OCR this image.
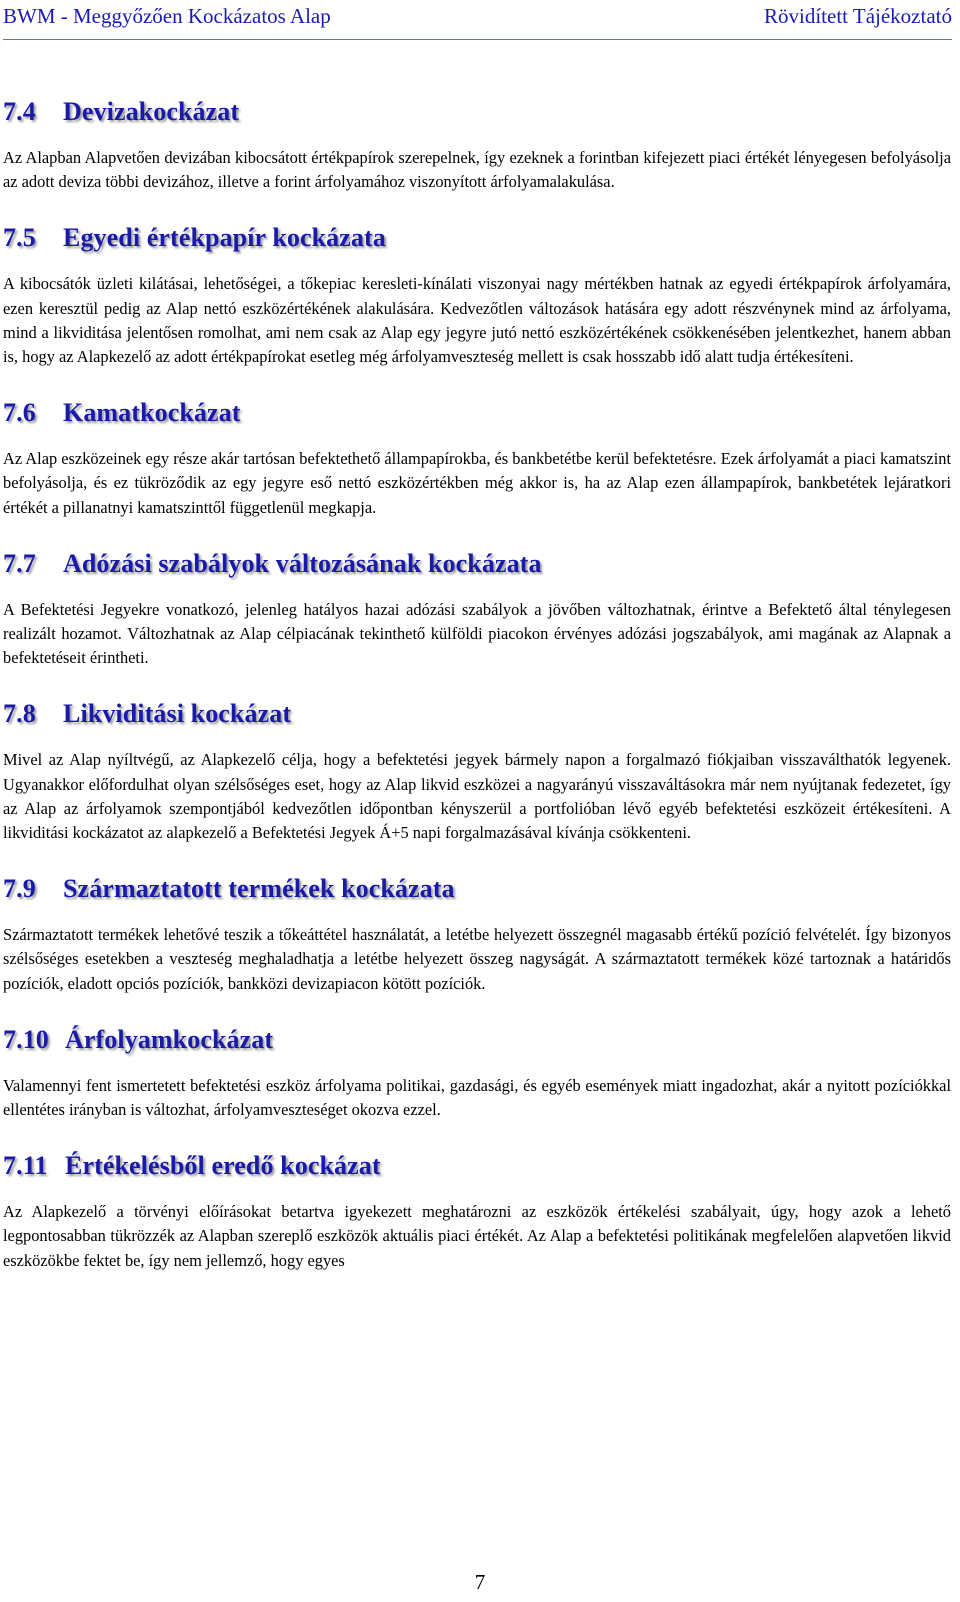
BWM - Meggyőzően Kockázatos Alap	Rövidített Tájékoztató
7.4	Devizakockázat

Az Alapban Alapvetően devizában kibocsátott értékpapírok szerepelnek, így ezeknek a forintban kifejezett piaci értékét lényegesen befolyásolja az adott deviza többi devizához, illetve a forint árfolyamához viszonyított árfolyamalakulása.

7.5	Egyedi értékpapír kockázata

A kibocsátók üzleti kilátásai, lehetőségei, a tőkepiac keresleti-kínálati viszonyai nagy mértékben hatnak az egyedi értékpapírok árfolyamára, ezen keresztül pedig az Alap nettó eszközértékének alakulására. Kedvezőtlen változások hatására egy adott részvénynek mind az árfolyama, mind a likviditása jelentősen romolhat, ami nem csak az Alap egy jegyre jutó nettó eszközértékének csökkenésében jelentkezhet, hanem abban is, hogy az Alapkezelő az adott értékpapírokat esetleg még árfolyamveszteség mellett is csak hosszabb idő alatt tudja értékesíteni.

7.6	Kamatkockázat

Az Alap eszközeinek egy része akár tartósan befektethető állampapírokba, és bankbetétbe kerül befektetésre. Ezek árfolyamát a piaci kamatszint befolyásolja, és ez tükröződik az egy jegyre eső nettó eszközértékben még akkor is, ha az Alap ezen állampapírok, bankbetétek lejáratkori értékét a pillanatnyi kamatszinttől függetlenül megkapja.

7.7	Adózási szabályok változásának kockázata

A Befektetési Jegyekre vonatkozó, jelenleg hatályos hazai adózási szabályok a jövőben változhatnak, érintve a Befektető által ténylegesen realizált hozamot. Változhatnak az Alap célpiacának tekinthető külföldi piacokon érvényes adózási jogszabályok, ami magának az Alapnak a befektetéseit érintheti.

7.8	Likviditási kockázat

Mivel az Alap nyíltvégű, az Alapkezelő célja, hogy a befektetési jegyek bármely napon a forgalmazó fiókjaiban visszaválthatók legyenek. Ugyanakkor előfordulhat olyan szélsőséges eset, hogy az Alap likvid eszközei a nagyarányú visszaváltásokra már nem nyújtanak fedezetet, így az Alap az árfolyamok szempontjából kedvezőtlen időpontban kényszerül a portfolióban lévő egyéb befektetési eszközeit értékesíteni. A likviditási kockázatot az alapkezelő a Befektetési Jegyek Á+5 napi forgalmazásával kívánja csökkenteni.

7.9	Származtatott termékek kockázata

Származtatott termékek lehetővé teszik a tőkeáttétel használatát, a letétbe helyezett összegnél magasabb értékű pozíció felvételét. Így bizonyos szélsőséges esetekben a veszteség meghaladhatja a letétbe helyezett összeg nagyságát. A származtatott termékek közé tartoznak a határidős pozíciók, eladott opciós pozíciók, bankközi devizapiacon kötött pozíciók.

7.10 Árfolyamkockázat

Valamennyi fent ismertetett befektetési eszköz árfolyama politikai, gazdasági, és egyéb események miatt ingadozhat, akár a nyitott pozíciókkal ellentétes irányban is változhat, árfolyamveszteséget okozva ezzel.

7.11 Értékelésből eredő kockázat

Az Alapkezelő a törvényi előírásokat betartva igyekezett meghatározni az eszközök értékelési szabályait, úgy, hogy azok a lehető legpontosabban tükrözzék az Alapban szereplő eszközök aktuális piaci értékét. Az Alap a befektetési politikának megfelelően alapvetően likvid eszközökbe fektet be, így nem jellemző, hogy egyes

7
